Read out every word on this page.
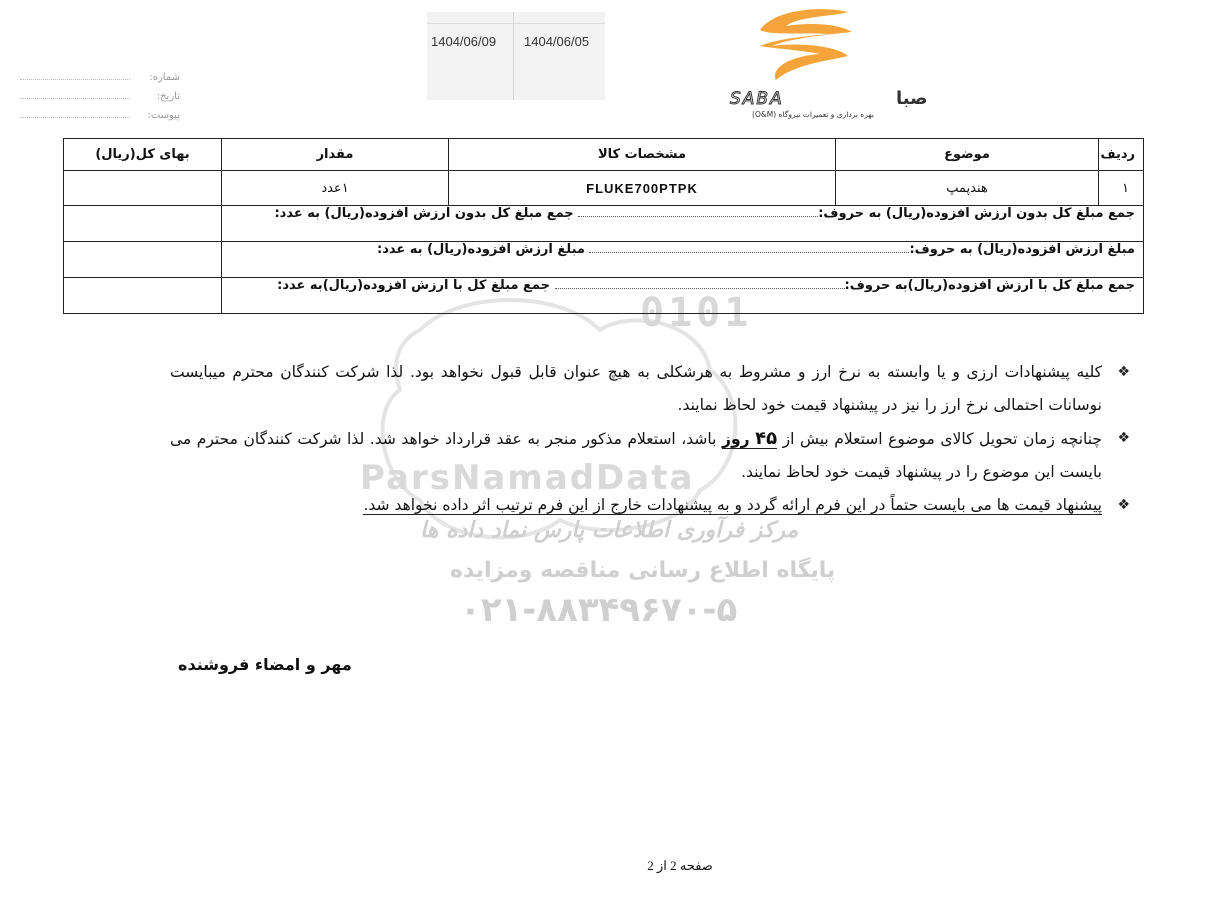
1404/06/09 1404/06/05
شماره:
تاریخ:
پیوست:
SABA	صبا
بهره برداری و تعمیرات نیروگاه (O&M)
0101
ParsNamadData
مرکز فرآوری اطلاعات پارس نماد داده ها
پایگاه اطلاع رسانی مناقصه ومزایده
۰۲۱-۸۸۳۴۹۶۷۰-۵
ردیف	موضوع	مشخصات کالا	مقدار	بهای کل(ریال)
۱	هندپمپ	FLUKE700PTPK	۱عدد	
جمع مبلغ کل بدون ارزش افزوده(ریال) به حروف: جمع مبلغ کل بدون ارزش افزوده(ریال) به عدد:				
مبلغ ارزش افزوده(ریال) به حروف: مبلغ ارزش افزوده(ریال) به عدد:				
جمع مبلغ کل با ارزش افزوده(ریال)به حروف: جمع مبلغ کل با ارزش افزوده(ریال)به عدد:				

❖
کلیه پیشنهادات ارزی و یا وابسته به نرخ ارز و مشروط به هرشکلی به هیچ عنوان قابل قبول نخواهد بود. لذا شرکت کنندگان محترم میبایست نوسانات احتمالی نرخ ارز را نیز در پیشنهاد قیمت خود لحاظ نمایند.

❖
چنانچه زمان تحویل کالای موضوع استعلام بیش از ۴۵ روز باشد، استعلام مذکور منجر به عقد قرارداد خواهد شد. لذا شرکت کنندگان محترم می بایست این موضوع را در پیشنهاد قیمت خود لحاظ نمایند.

❖
پیشنهاد قیمت ها می بایست حتماً در این فرم ارائه گردد و به پیشنهادات خارج از این فرم ترتیب اثر داده نخواهد شد.

مهر و امضاء فروشنده
صفحه 2 از 2
